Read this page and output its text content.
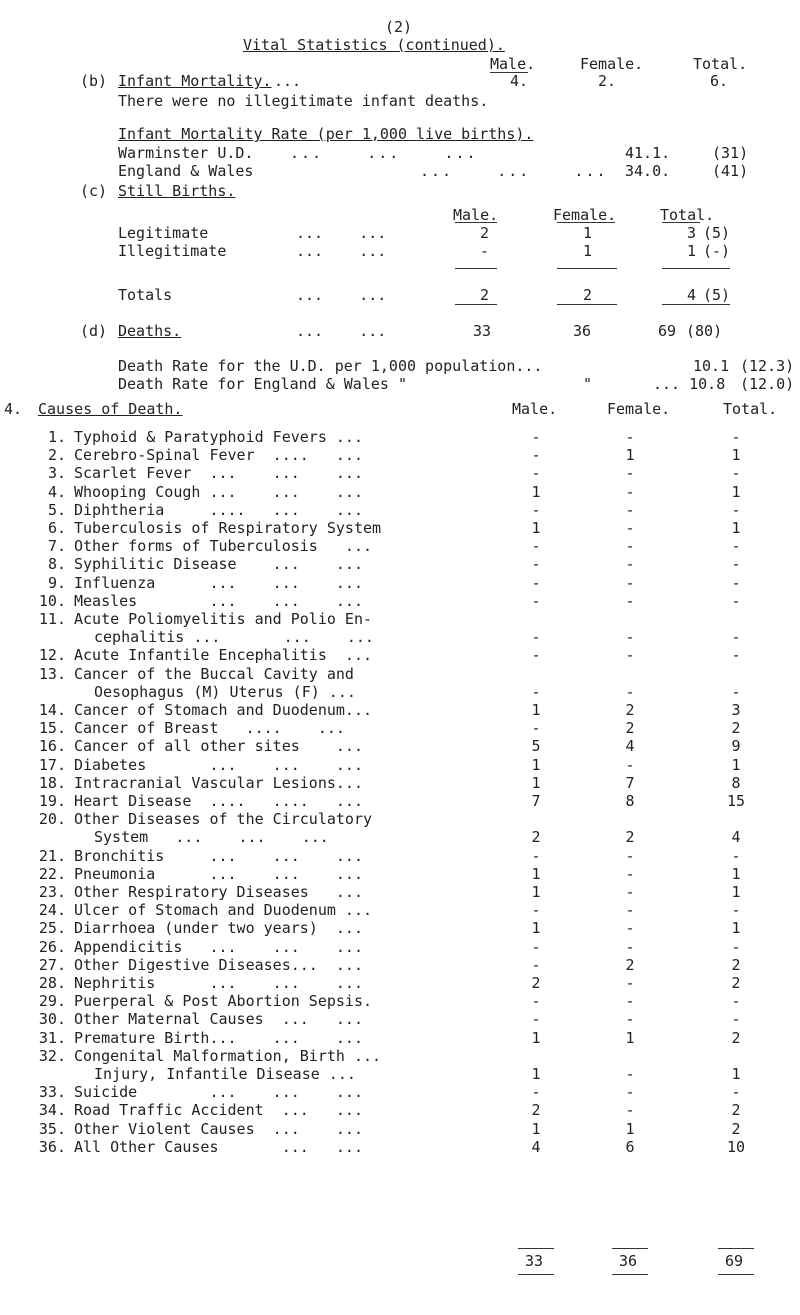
(2)
Vital Statistics (continued).
Male.	Female.	Total.
(b) Infant Mortality. ...	4.	2.	6.
There were no illegitimate infant deaths.
Infant Mortality Rate (per 1,000 live births).
Warminster U.D. ...    ...    ...	41.1.	(31)
England & Wales	...    ...    ... 34.0.	(41)
(c) Still Births.
Male.	Female.	Total.
Legitimate	...    ...	2	1	3 (5)
Illegitimate	...    ...	-	1	1 (-)
Totals	...    ...	2	2	4 (5)
(d) Deaths.	...    ...	33	36	69 (80)
Death Rate for the U.D. per 1,000 population...	10.1 (12.3)
Death Rate for England & Wales "	"	... 10.8 (12.0)
4. Causes of Death.	Male.	Female.	Total.
1. Typhoid & Paratyphoid Fevers ...	-	-	-
2. Cerebro-Spinal Fever  ....   ...	-	1	1
3. Scarlet Fever  ...    ...    ...	-	-	-
4. Whooping Cough ...    ...    ...	1	-	1
5. Diphtheria     ....   ...    ...	-	-	-
6. Tuberculosis of Respiratory System	1	-	1
7. Other forms of Tuberculosis   ...	-	-	-
8. Syphilitic Disease    ...    ...	-	-	-
9. Influenza      ...    ...    ...	-	-	-
10. Measles        ...    ...    ...	-	-	-
11. Acute Poliomyelitis and Polio En-
cephalitis ...       ...    ...	-	-	-
12. Acute Infantile Encephalitis  ...	-	-	-
13. Cancer of the Buccal Cavity and
Oesophagus (M) Uterus (F) ...	-	-	-
14. Cancer of Stomach and Duodenum...	1	2	3
15. Cancer of Breast   ....    ...	-	2	2
16. Cancer of all other sites    ...	5	4	9
17. Diabetes       ...    ...    ...	1	-	1
18. Intracranial Vascular Lesions...	1	7	8
19. Heart Disease  ....   ....   ...	7	8	15
20. Other Diseases of the Circulatory
System   ...    ...    ...	2	2	4
21. Bronchitis     ...    ...    ...	-	-	-
22. Pneumonia      ...    ...    ...	1	-	1
23. Other Respiratory Diseases   ...	1	-	1
24. Ulcer of Stomach and Duodenum ...	-	-	-
25. Diarrhoea (under two years)  ...	1	-	1
26. Appendicitis   ...    ...    ...	-	-	-
27. Other Digestive Diseases...  ...	-	2	2
28. Nephritis      ...    ...    ...	2	-	2
29. Puerperal & Post Abortion Sepsis.	-	-	-
30. Other Maternal Causes  ...   ...	-	-	-
31. Premature Birth...    ...    ...	1	1	2
32. Congenital Malformation, Birth ...
Injury, Infantile Disease ...	1	-	1
33. Suicide        ...    ...    ...	-	-	-
34. Road Traffic Accident  ...   ...	2	-	2
35. Other Violent Causes  ...    ...	1	1	2
36. All Other Causes       ...   ...	4	6	10
33	36	69
